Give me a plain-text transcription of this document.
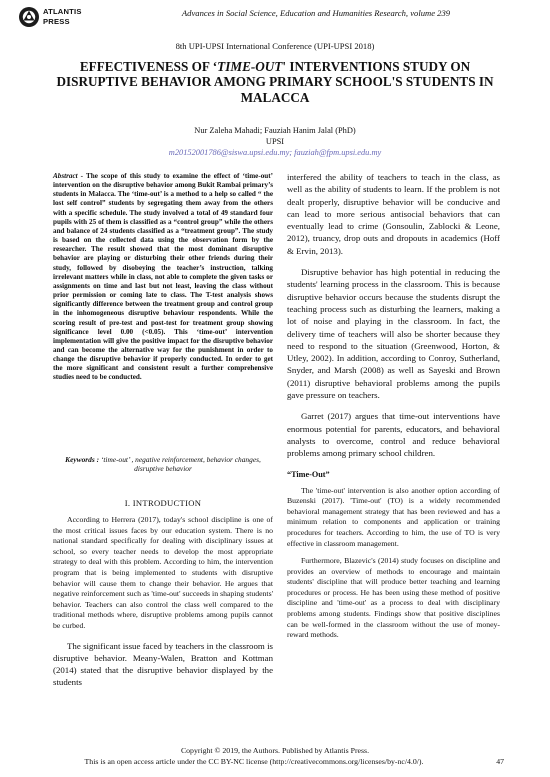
ATLANTIS
PRESS
Advances in Social Science, Education and Humanities Research, volume 239
8th UPI-UPSI International Conference (UPI-UPSI 2018)
EFFECTIVENESS OF ‘TIME-OUT' INTERVENTIONS STUDY ON
DISRUPTIVE BEHAVIOR AMONG PRIMARY SCHOOL'S STUDENTS IN
MALACCA
Nur Zaleha Mahadi; Fauziah Hanim Jalal (PhD)
UPSI
m20152001786@siswa.upsi.edu.my; fauziah@fpm.upsi.edu.my
Abstract - The scope of this study to examine the effect of ‘time-out’ intervention on the disruptive behavior among Bukit Rambai primary’s students in Malacca. The ‘time-out’ is a method to a help so called “ the lost self control” students by segregating them away from the others with a specific schedule. The study involved a total of 49 standard four pupils with 25 of them is classified as a “control group” while the others and balance of 24 students classified as a “treatment group”. The study is based on the collected data using the observation form by the researcher. The result showed that the most dominant disruptive behavior are playing or disturbing their other friends during their study, followed by disobeying the teacher’s instruction, talking irrelevant matters while in class, not able to complete the given tasks or assignments on time and last but not least, leaving the class without prior permission or coming late to class. The T-test analysis shows significantly difference between the treatment group and control group in the inhomogeneous disruptive behaviour respondents. While the scoring result of pre-test and post-test for treatment group showing significance level 0.00 (<0.05). This ‘time-out’ intervention implementation will give the positive impact for the disruptive behavior and can become the alternative way for the punishment in order to change the disruptive behavior if properly conducted. In order to get the more significant and consistent result a further comprehensive studies need to be conducted.
Keywords : ‘time-out’ , negative reinforcement, behavior changes, disruptive behavior
I. INTRODUCTION

According to Herrera (2017), today's school discipline is one of the most critical issues faces by our education system. There is no national standard specifically for dealing with disciplinary issues at school, so every teacher needs to develop the most appropriate strategy to deal with this problem. According to him, the intervention program that is being implemented to students with disruptive behavior will cause them to change their behavior. He argues that negative reinforcement such as 'time-out' succeeds in shaping students' behavior. Teachers can also control the class well compared to the traditional methods where, disruptive problems among pupils cannot be curbed.

The significant issue faced by teachers in the classroom is disruptive behavior. Meany-Walen, Bratton and Kottman (2014) stated that the disruptive behavior displayed by the students

interfered the ability of teachers to teach in the class, as well as the ability of students to learn. If the problem is not dealt properly, disruptive behavior will be conducive and can lead to more serious antisocial behaviors that can eventually lead to crime (Gonsoulin, Zablocki & Leone, 2012), truancy, drop outs and dropouts in academics (Hoff & Ervin, 2013).

Disruptive behavior has high potential in reducing the students' learning process in the classroom. This is because disruptive behavior occurs because the students disrupt the teaching process such as disturbing the learners, making a lot of noise and playing in the classroom. In fact, the delivery time of teachers will also be shorter because they need to respond to the situation (Greenwood, Horton, & Utley, 2002). In addition, according to Conroy, Sutherland, Snyder, and Marsh (2008) as well as Sayeski and Brown (2011) disruptive behavioral problems among the pupils gave pressure on teachers.

Garret (2017) argues that time-out interventions have enormous potential for parents, educators, and behavioral analysts to overcome, control and reduce behavioral problems among primary school children.

“Time-Out”

The 'time-out' intervention is also another option according of Buzenski (2017). 'Time-out' (TO) is a widely recommended behavioral management strategy that has been reviewed and has a minimum relation to components and application or training procedures for teachers. According to him, the use of TO is very effective in classroom management.

Furthermore, Blazevic's (2014) study focuses on discipline and provides an overview of methods to encourage and maintain students' discipline that will produce better teaching and learning procedures or process. He has been using these method of positive discipline and 'time-out' as a process to deal with disciplinary problems among students. Findings show that positive disciplines can be well-formed in the classroom without the use of money-reward methods.

Copyright © 2019, the Authors. Published by Atlantis Press.
This is an open access article under the CC BY-NC license (http://creativecommons.org/licenses/by-nc/4.0/).	47
